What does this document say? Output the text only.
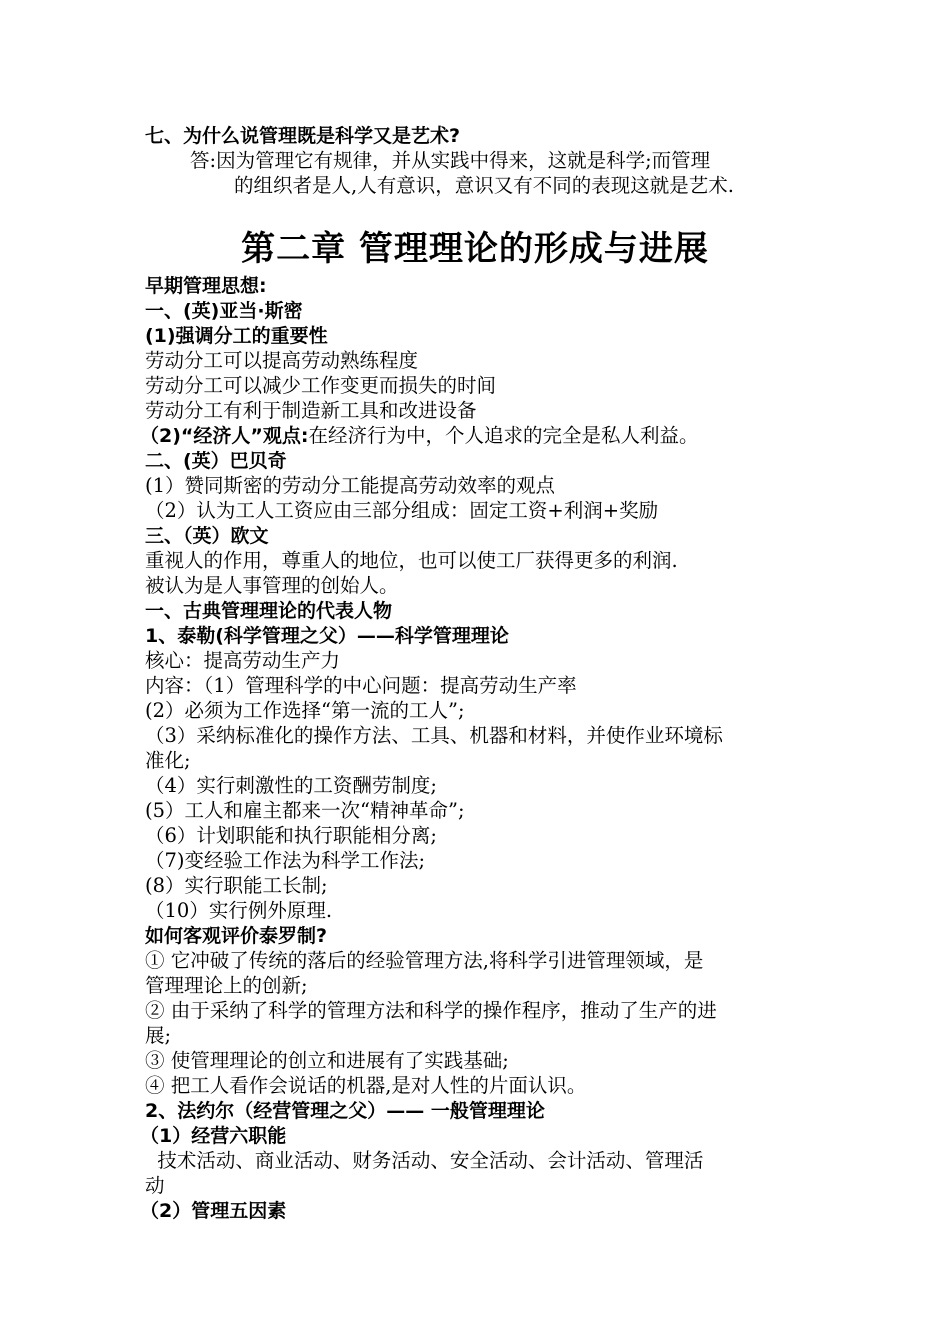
七、为什么说管理既是科学又是艺术?
答:因为管理它有规律，并从实践中得来，这就是科学;而管理
的组织者是人,人有意识，意识又有不同的表现这就是艺术.
第二章 管理理论的形成与进展
早期管理思想:
一、(英)亚当·斯密
(1)强调分工的重要性
劳动分工可以提高劳动熟练程度
劳动分工可以减少工作变更而损失的时间
劳动分工有利于制造新工具和改进设备
（2)“经济人”观点:在经济行为中，个人追求的完全是私人利益。
二、(英）巴贝奇
(1）赞同斯密的劳动分工能提高劳动效率的观点
（2）认为工人工资应由三部分组成：固定工资+利润+奖励
三、（英）欧文
重视人的作用，尊重人的地位，也可以使工厂获得更多的利润.
被认为是人事管理的创始人。
一、古典管理理论的代表人物
1、泰勒(科学管理之父）——科学管理理论
核心：提高劳动生产力
内容：（1）管理科学的中心问题：提高劳动生产率
(2）必须为工作选择“第一流的工人”;
（3）采纳标准化的操作方法、工具、机器和材料，并使作业环境标
准化;
（4）实行刺激性的工资酬劳制度;
(5）工人和雇主都来一次“精神革命”;
（6）计划职能和执行职能相分离;
（7)变经验工作法为科学工作法;
(8）实行职能工长制;
（10）实行例外原理.
如何客观评价泰罗制?
① 它冲破了传统的落后的经验管理方法,将科学引进管理领域，是
管理理论上的创新;
② 由于采纳了科学的管理方法和科学的操作程序，推动了生产的进
展;
③ 使管理理论的创立和进展有了实践基础;
④ 把工人看作会说话的机器,是对人性的片面认识。
2、法约尔（经营管理之父）—— 一般管理理论
（1）经营六职能
技术活动、商业活动、财务活动、安全活动、会计活动、管理活
动
（2）管理五因素
